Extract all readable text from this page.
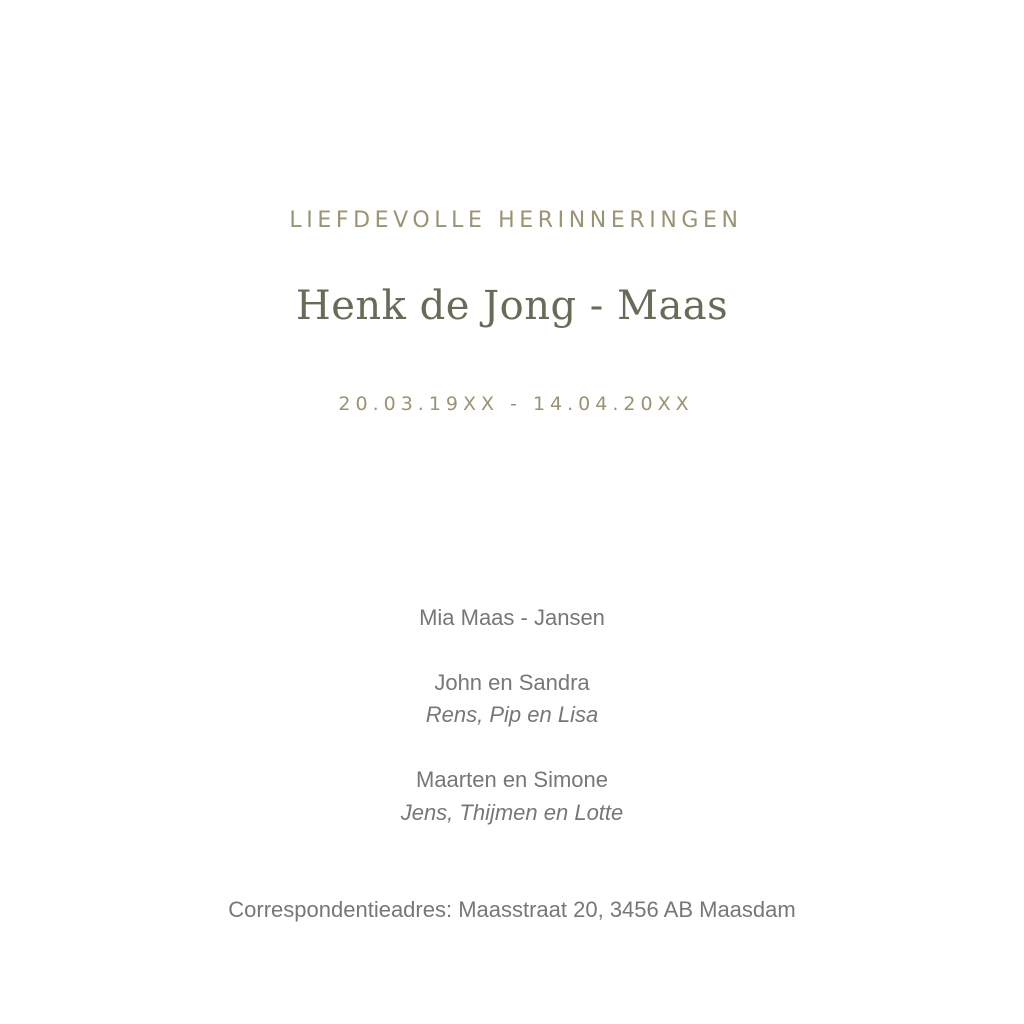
LIEFDEVOLLE HERINNERINGEN
Henk de Jong - Maas
20.03.19XX - 14.04.20XX
Mia Maas - Jansen
John en Sandra
Rens, Pip en Lisa
Maarten en Simone
Jens, Thijmen en Lotte
Correspondentieadres: Maasstraat 20, 3456 AB Maasdam
